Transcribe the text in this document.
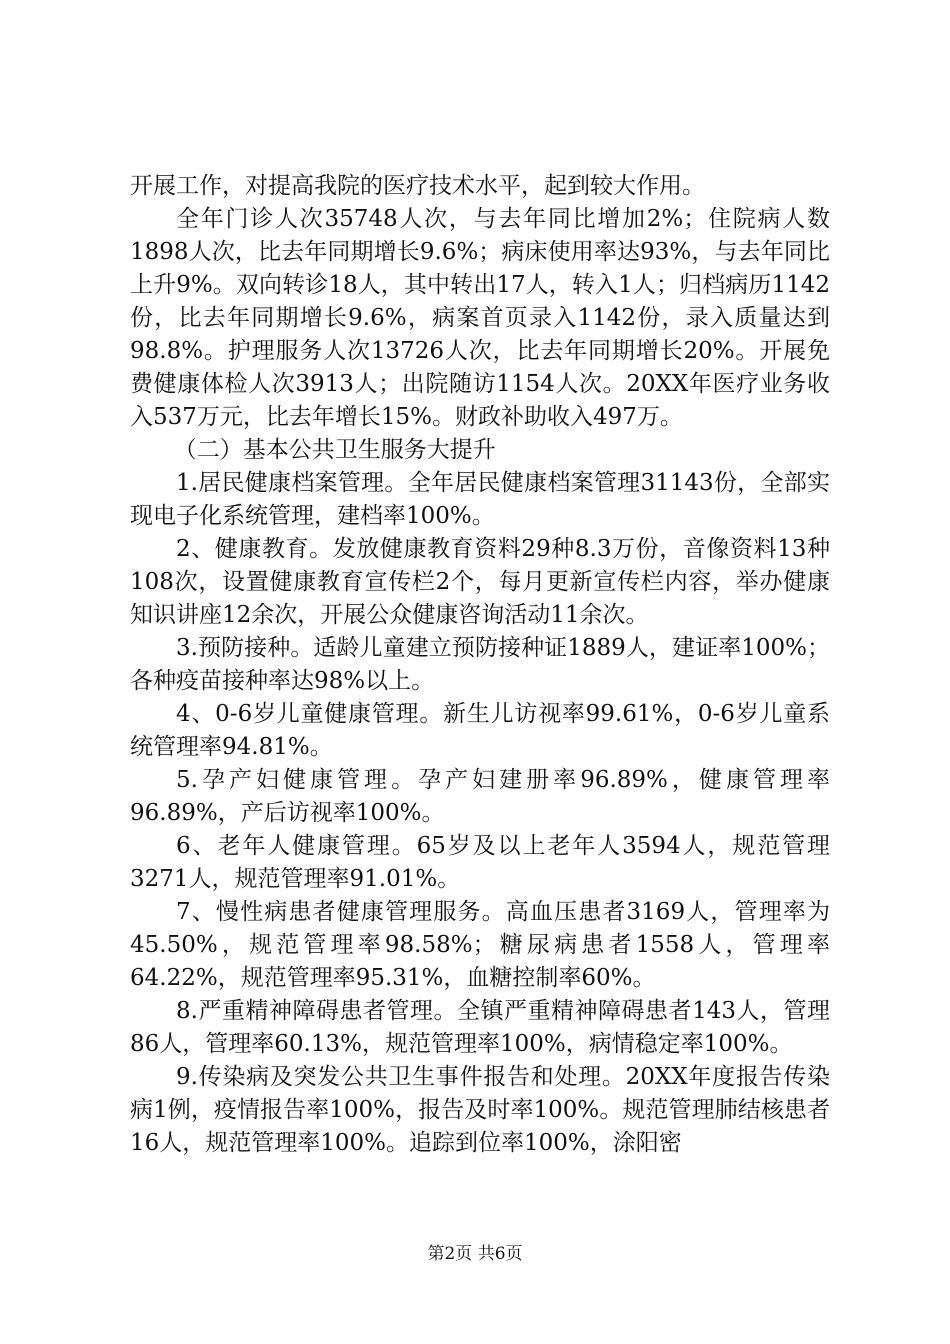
开展工作，对提高我院的医疗技术水平，起到较大作用。

全年门诊人次35748人次，与去年同比增加2%；住院病人数1898人次，比去年同期增长9.6%；病床使用率达93%，与去年同比上升9%。双向转诊18人，其中转出17人，转入1人；归档病历1142份，比去年同期增长9.6%，病案首页录入1142份，录入质量达到98.8%。护理服务人次13726人次，比去年同期增长20%。开展免费健康体检人次3913人；出院随访1154人次。20XX年医疗业务收入537万元，比去年增长15%。财政补助收入497万。

（二）基本公共卫生服务大提升

1.居民健康档案管理。全年居民健康档案管理31143份，全部实现电子化系统管理，建档率100%。

2、健康教育。发放健康教育资料29种8.3万份，音像资料13种108次，设置健康教育宣传栏2个，每月更新宣传栏内容，举办健康知识讲座12余次，开展公众健康咨询活动11余次。

3.预防接种。适龄儿童建立预防接种证1889人，建证率100%；各种疫苗接种率达98%以上。

4、0-6岁儿童健康管理。新生儿访视率99.61%，0-6岁儿童系统管理率94.81%。

5.孕产妇健康管理。孕产妇建册率96.89%，健康管理率96.89%，产后访视率100%。

6、老年人健康管理。65岁及以上老年人3594人，规范管理3271人，规范管理率91.01%。

7、慢性病患者健康管理服务。高血压患者3169人，管理率为45.50%，规范管理率98.58%；糖尿病患者1558人，管理率64.22%，规范管理率95.31%，血糖控制率60%。

8.严重精神障碍患者管理。全镇严重精神障碍患者143人，管理86人，管理率60.13%，规范管理率100%，病情稳定率100%。

9.传染病及突发公共卫生事件报告和处理。20XX年度报告传染病1例，疫情报告率100%，报告及时率100%。规范管理肺结核患者16人，规范管理率100%。追踪到位率100%，涂阳密

第2页 共6页
